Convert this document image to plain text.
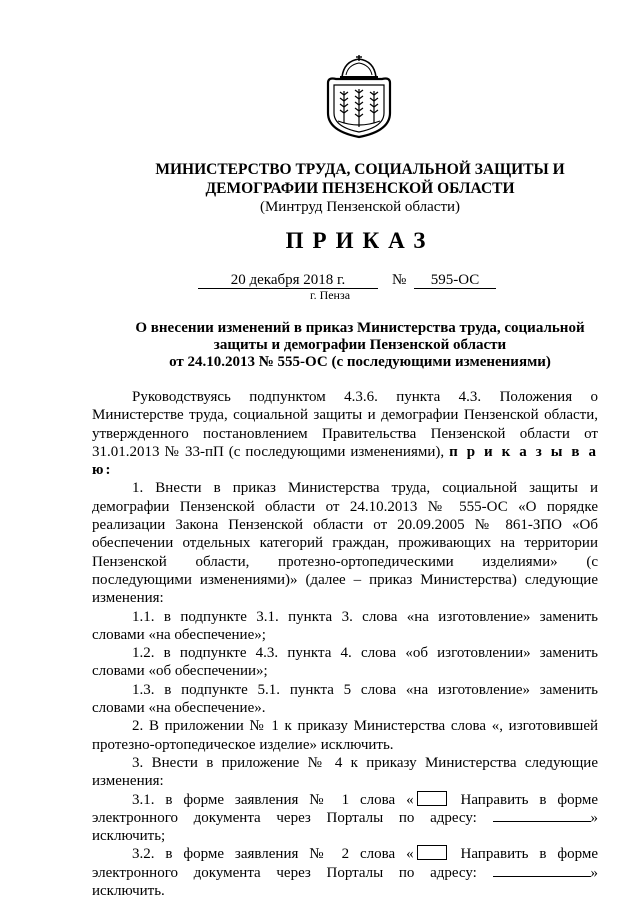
МИНИСТЕРСТВО ТРУДА, СОЦИАЛЬНОЙ ЗАЩИТЫ И
ДЕМОГРАФИИ ПЕНЗЕНСКОЙ ОБЛАСТИ
(Минтруд Пензенской области)
ПРИКАЗ
20 декабря 2018 г.	№	595-ОС
г. Пенза
О внесении изменений в приказ Министерства труда, социальной
защиты и демографии Пензенской области
от 24.10.2013 № 555-ОС (с последующими изменениями)

Руководствуясь подпунктом 4.3.6. пункта 4.3. Положения о Министерстве труда, социальной защиты и демографии Пензенской области, утвержденного постановлением Правительства Пензенской области от 31.01.2013 № 33-пП (с последующими изменениями), п р и к а з ы в а ю:

1. Внести в приказ Министерства труда, социальной защиты и демографии Пензенской области от 24.10.2013 № 555-ОС «О порядке реализации Закона Пензенской области от 20.09.2005 № 861-ЗПО «Об обеспечении отдельных категорий граждан, проживающих на территории Пензенской области, протезно-ортопедическими изделиями» (с последующими изменениями)» (далее – приказ Министерства) следующие изменения:

1.1. в подпункте 3.1. пункта 3. слова «на изготовление» заменить словами «на обеспечение»;

1.2. в подпункте 4.3. пункта 4. слова «об изготовлении» заменить словами «об обеспечении»;

1.3. в подпункте 5.1. пункта 5 слова «на изготовление» заменить словами «на обеспечение».

2. В приложении № 1 к приказу Министерства слова «, изготовившей протезно-ортопедическое изделие» исключить.

3. Внести в приложение № 4 к приказу Министерства следующие изменения:

3.1. в форме заявления № 1 слова «	Направить в форме электронного документа через Порталы по адресу:	» исключить;

3.2. в форме заявления № 2 слова «	Направить в форме электронного документа через Порталы по адресу:	» исключить.
